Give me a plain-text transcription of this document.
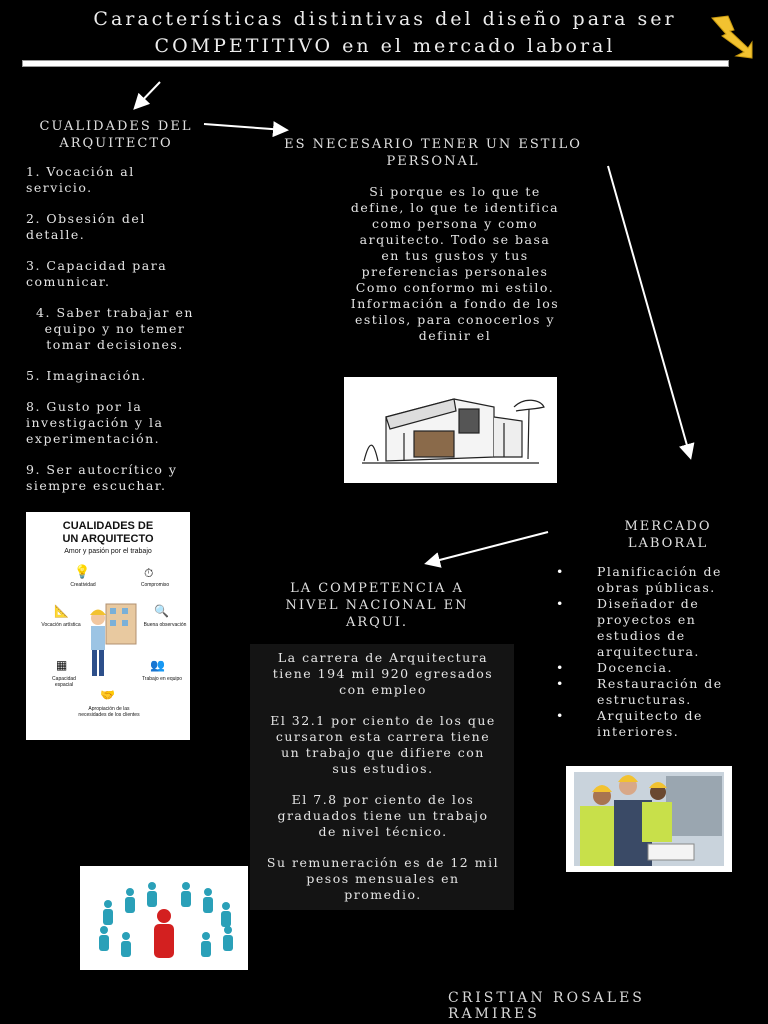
Características distintivas del diseño para ser
COMPETITIVO en el mercado laboral
CUALIDADES DEL ARQUITECTO
1. Vocación al servicio.
2. Obsesión del detalle.
3. Capacidad para comunicar.
4. Saber trabajar en equipo y no temer tomar decisiones.
5. Imaginación.
8. Gusto por la investigación y la experimentación.
9. Ser autocrítico y siempre escuchar.
ES NECESARIO TENER UN ESTILO PERSONAL
Si porque es lo que te define, lo que te identifica como persona y como arquitecto. Todo se basa en tus gustos y tus preferencias personales Como conformo mi estilo. Información a fondo de los estilos, para conocerlos y definir el
CUALIDADES DE
UN ARQUITECTO
Amor y pasión por el trabajo
💡
Creatividad
⏱
Compromiso
📐
Vocación artística
🔍
Buena observación
▦
Capacidad espacial
👥
Trabajo en equipo
🤝
Apropiación de las necesidades de los clientes
MERCADO LABORAL
• Planificación de obras públicas.
• Diseñador de proyectos en estudios de arquitectura.
• Docencia.
• Restauración de estructuras.
• Arquitecto de interiores.
LA COMPETENCIA A NIVEL NACIONAL EN ARQUI.
La carrera de Arquitectura tiene 194 mil 920 egresados con empleo
El 32.1 por ciento de los que cursaron esta carrera tiene un trabajo que difiere con sus estudios.
El 7.8 por ciento de los graduados tiene un trabajo de nivel técnico.
Su remuneración es de 12 mil pesos mensuales en promedio.
CRISTIAN ROSALES RAMIRES
